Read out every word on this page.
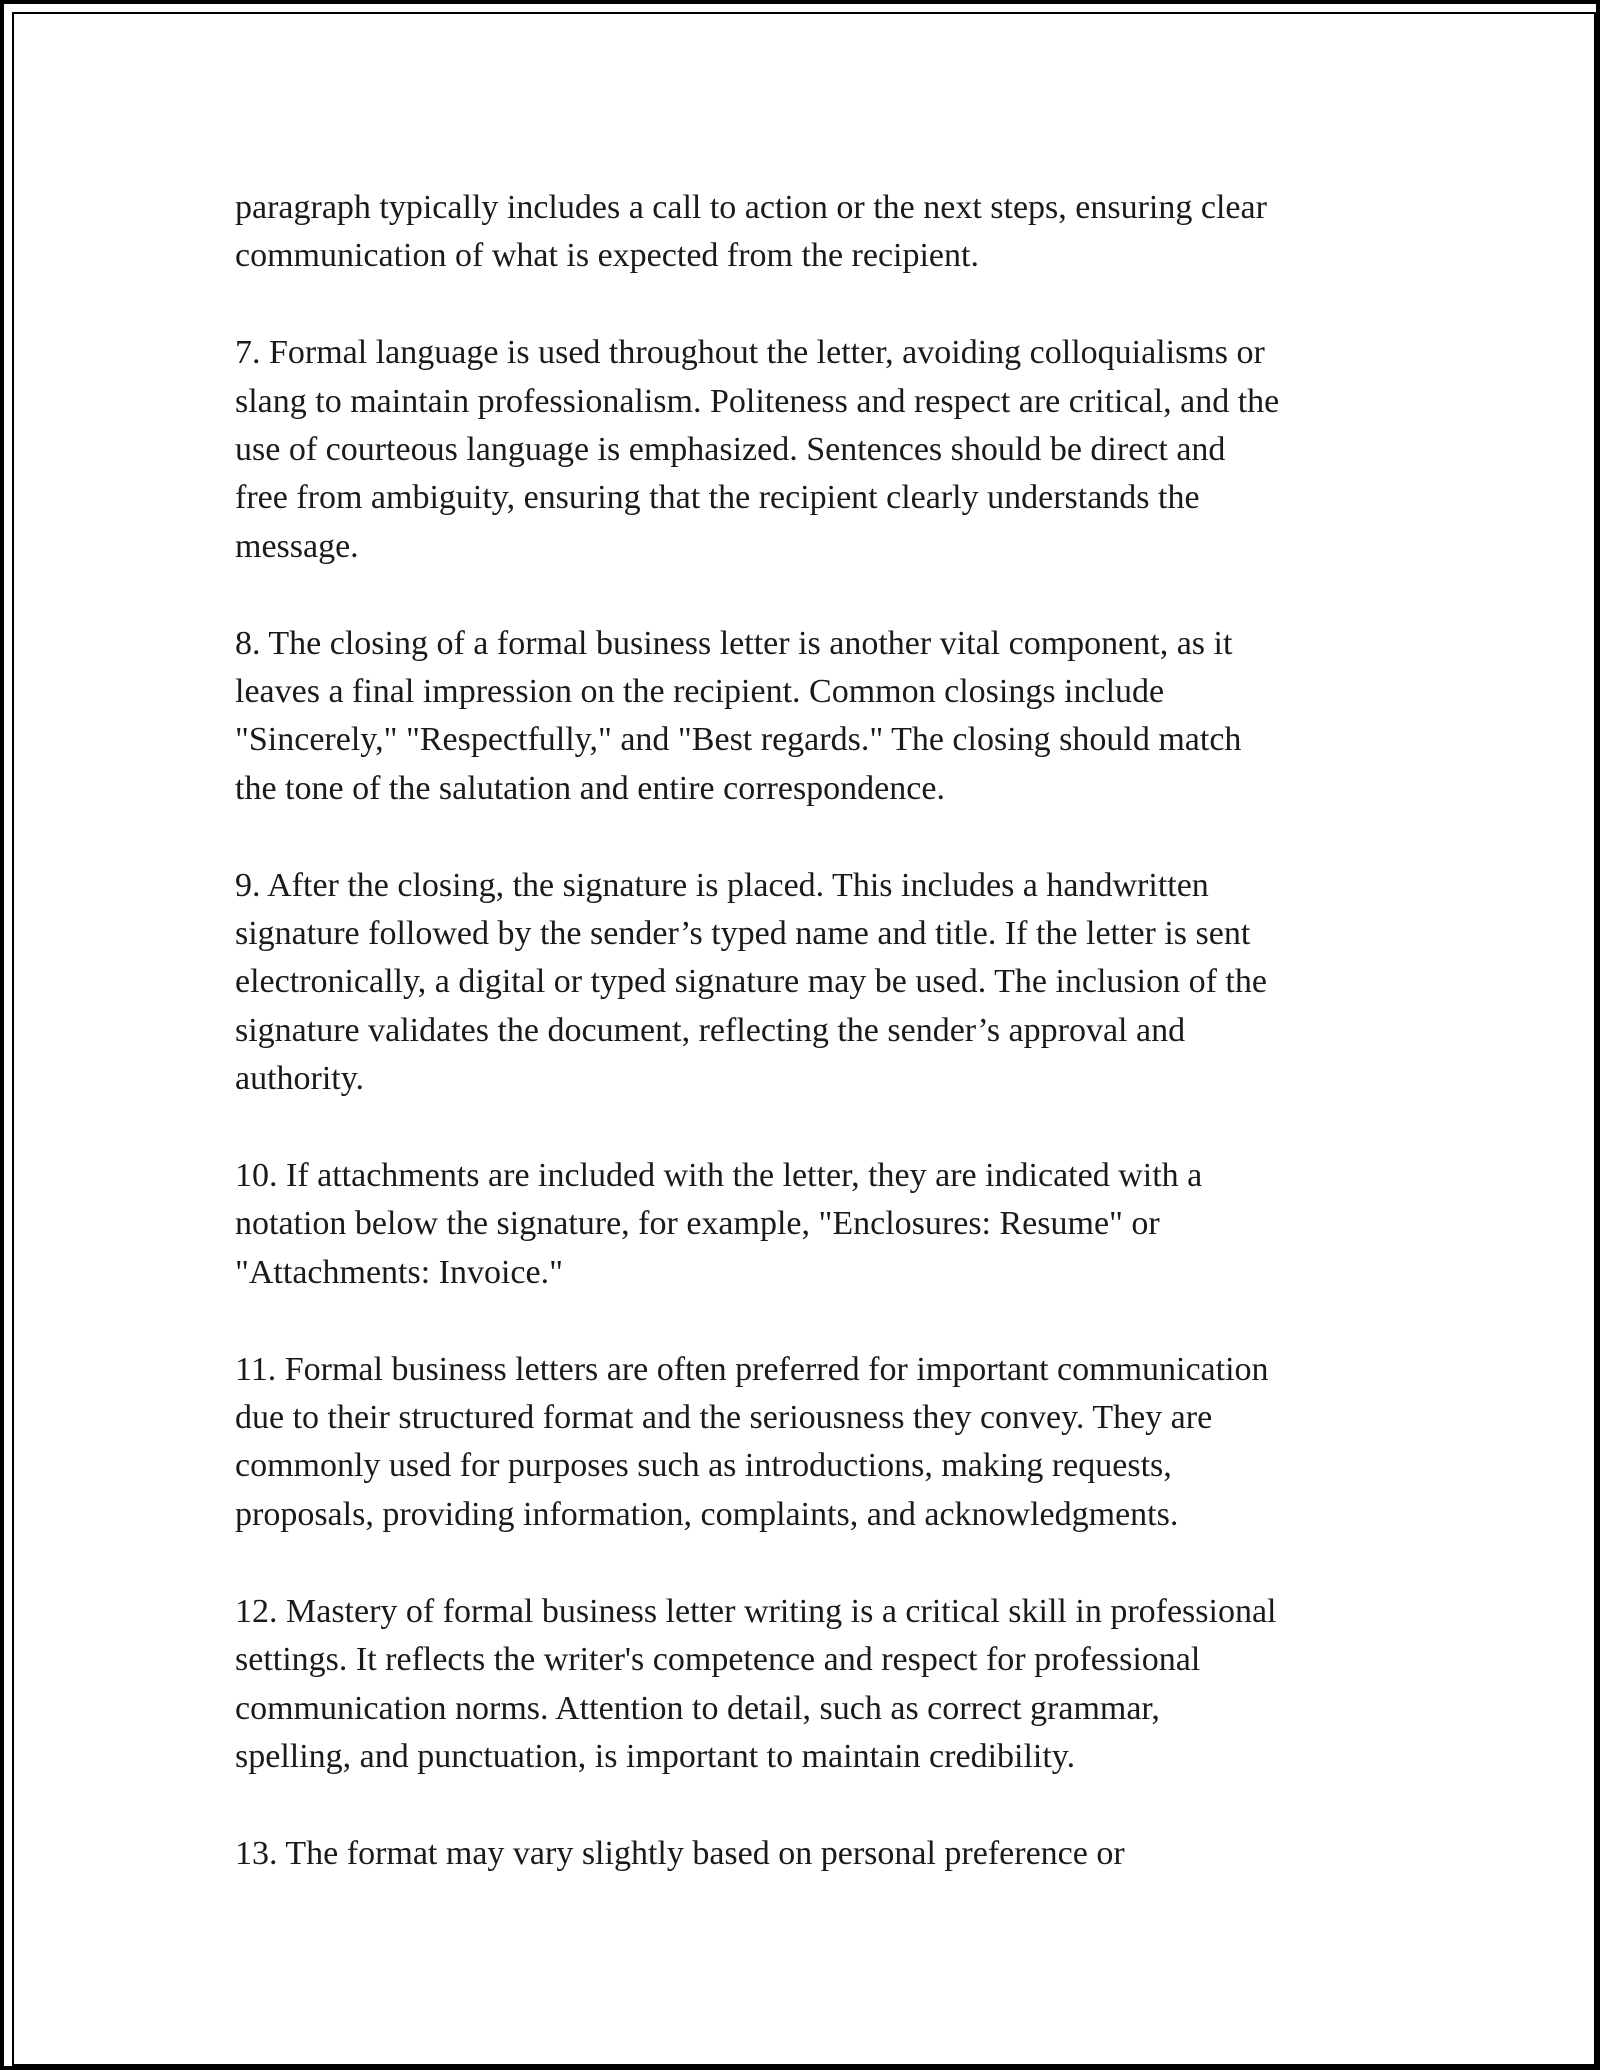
paragraph typically includes a call to action or the next steps, ensuring clear
communication of what is expected from the recipient.

7. Formal language is used throughout the letter, avoiding colloquialisms or
slang to maintain professionalism. Politeness and respect are critical, and the
use of courteous language is emphasized. Sentences should be direct and
free from ambiguity, ensuring that the recipient clearly understands the
message.

8. The closing of a formal business letter is another vital component, as it
leaves a final impression on the recipient. Common closings include
"Sincerely," "Respectfully," and "Best regards." The closing should match
the tone of the salutation and entire correspondence.

9. After the closing, the signature is placed. This includes a handwritten
signature followed by the sender’s typed name and title. If the letter is sent
electronically, a digital or typed signature may be used. The inclusion of the
signature validates the document, reflecting the sender’s approval and
authority.

10. If attachments are included with the letter, they are indicated with a
notation below the signature, for example, "Enclosures: Resume" or
"Attachments: Invoice."

11. Formal business letters are often preferred for important communication
due to their structured format and the seriousness they convey. They are
commonly used for purposes such as introductions, making requests,
proposals, providing information, complaints, and acknowledgments.

12. Mastery of formal business letter writing is a critical skill in professional
settings. It reflects the writer's competence and respect for professional
communication norms. Attention to detail, such as correct grammar,
spelling, and punctuation, is important to maintain credibility.

13. The format may vary slightly based on personal preference or
